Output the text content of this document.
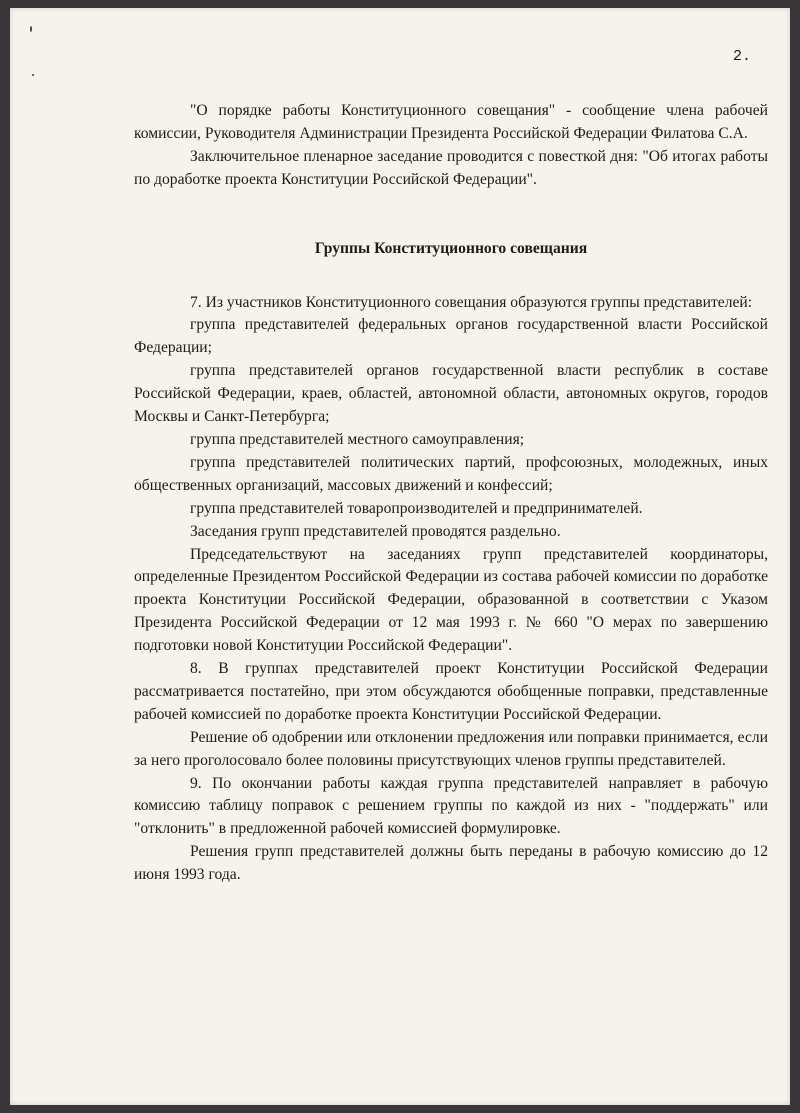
2.

"О порядке работы Конституционного совещания" - сообщение члена рабочей комиссии, Руководителя Администрации Президента Российской Федерации Филатова С.А.

Заключительное пленарное заседание проводится с повесткой дня: "Об итогах работы по доработке проекта Конституции Российской Федерации".

Группы Конституционного совещания

7. Из участников Конституционного совещания образуются группы представителей:

группа представителей федеральных органов государственной власти Российской Федерации;

группа представителей органов государственной власти республик в составе Российской Федерации, краев, областей, автономной области, автономных округов, городов Москвы и Санкт-Петербурга;

группа представителей местного самоуправления;

группа представителей политических партий, профсоюзных, молодежных, иных общественных организаций, массовых движений и конфессий;

группа представителей товаропроизводителей и предпринимателей.

Заседания групп представителей проводятся раздельно.

Председательствуют на заседаниях групп представителей координаторы, определенные Президентом Российской Федерации из состава рабочей комиссии по доработке проекта Конституции Российской Федерации, образованной в соответствии с Указом Президента Российской Федерации от 12 мая 1993 г. № 660 "О мерах по завершению подготовки новой Конституции Российской Федерации".

8. В группах представителей проект Конституции Российской Федерации рассматривается постатейно, при этом обсуждаются обобщенные поправки, представленные рабочей комиссией по доработке проекта Конституции Российской Федерации.

Решение об одобрении или отклонении предложения или поправки принимается, если за него проголосовало более половины присутствующих членов группы представителей.

9. По окончании работы каждая группа представителей направляет в рабочую комиссию таблицу поправок с решением группы по каждой из них - "поддержать" или "отклонить" в предложенной рабочей комиссией формулировке.

Решения групп представителей должны быть переданы в рабочую комиссию до 12 июня 1993 года.
